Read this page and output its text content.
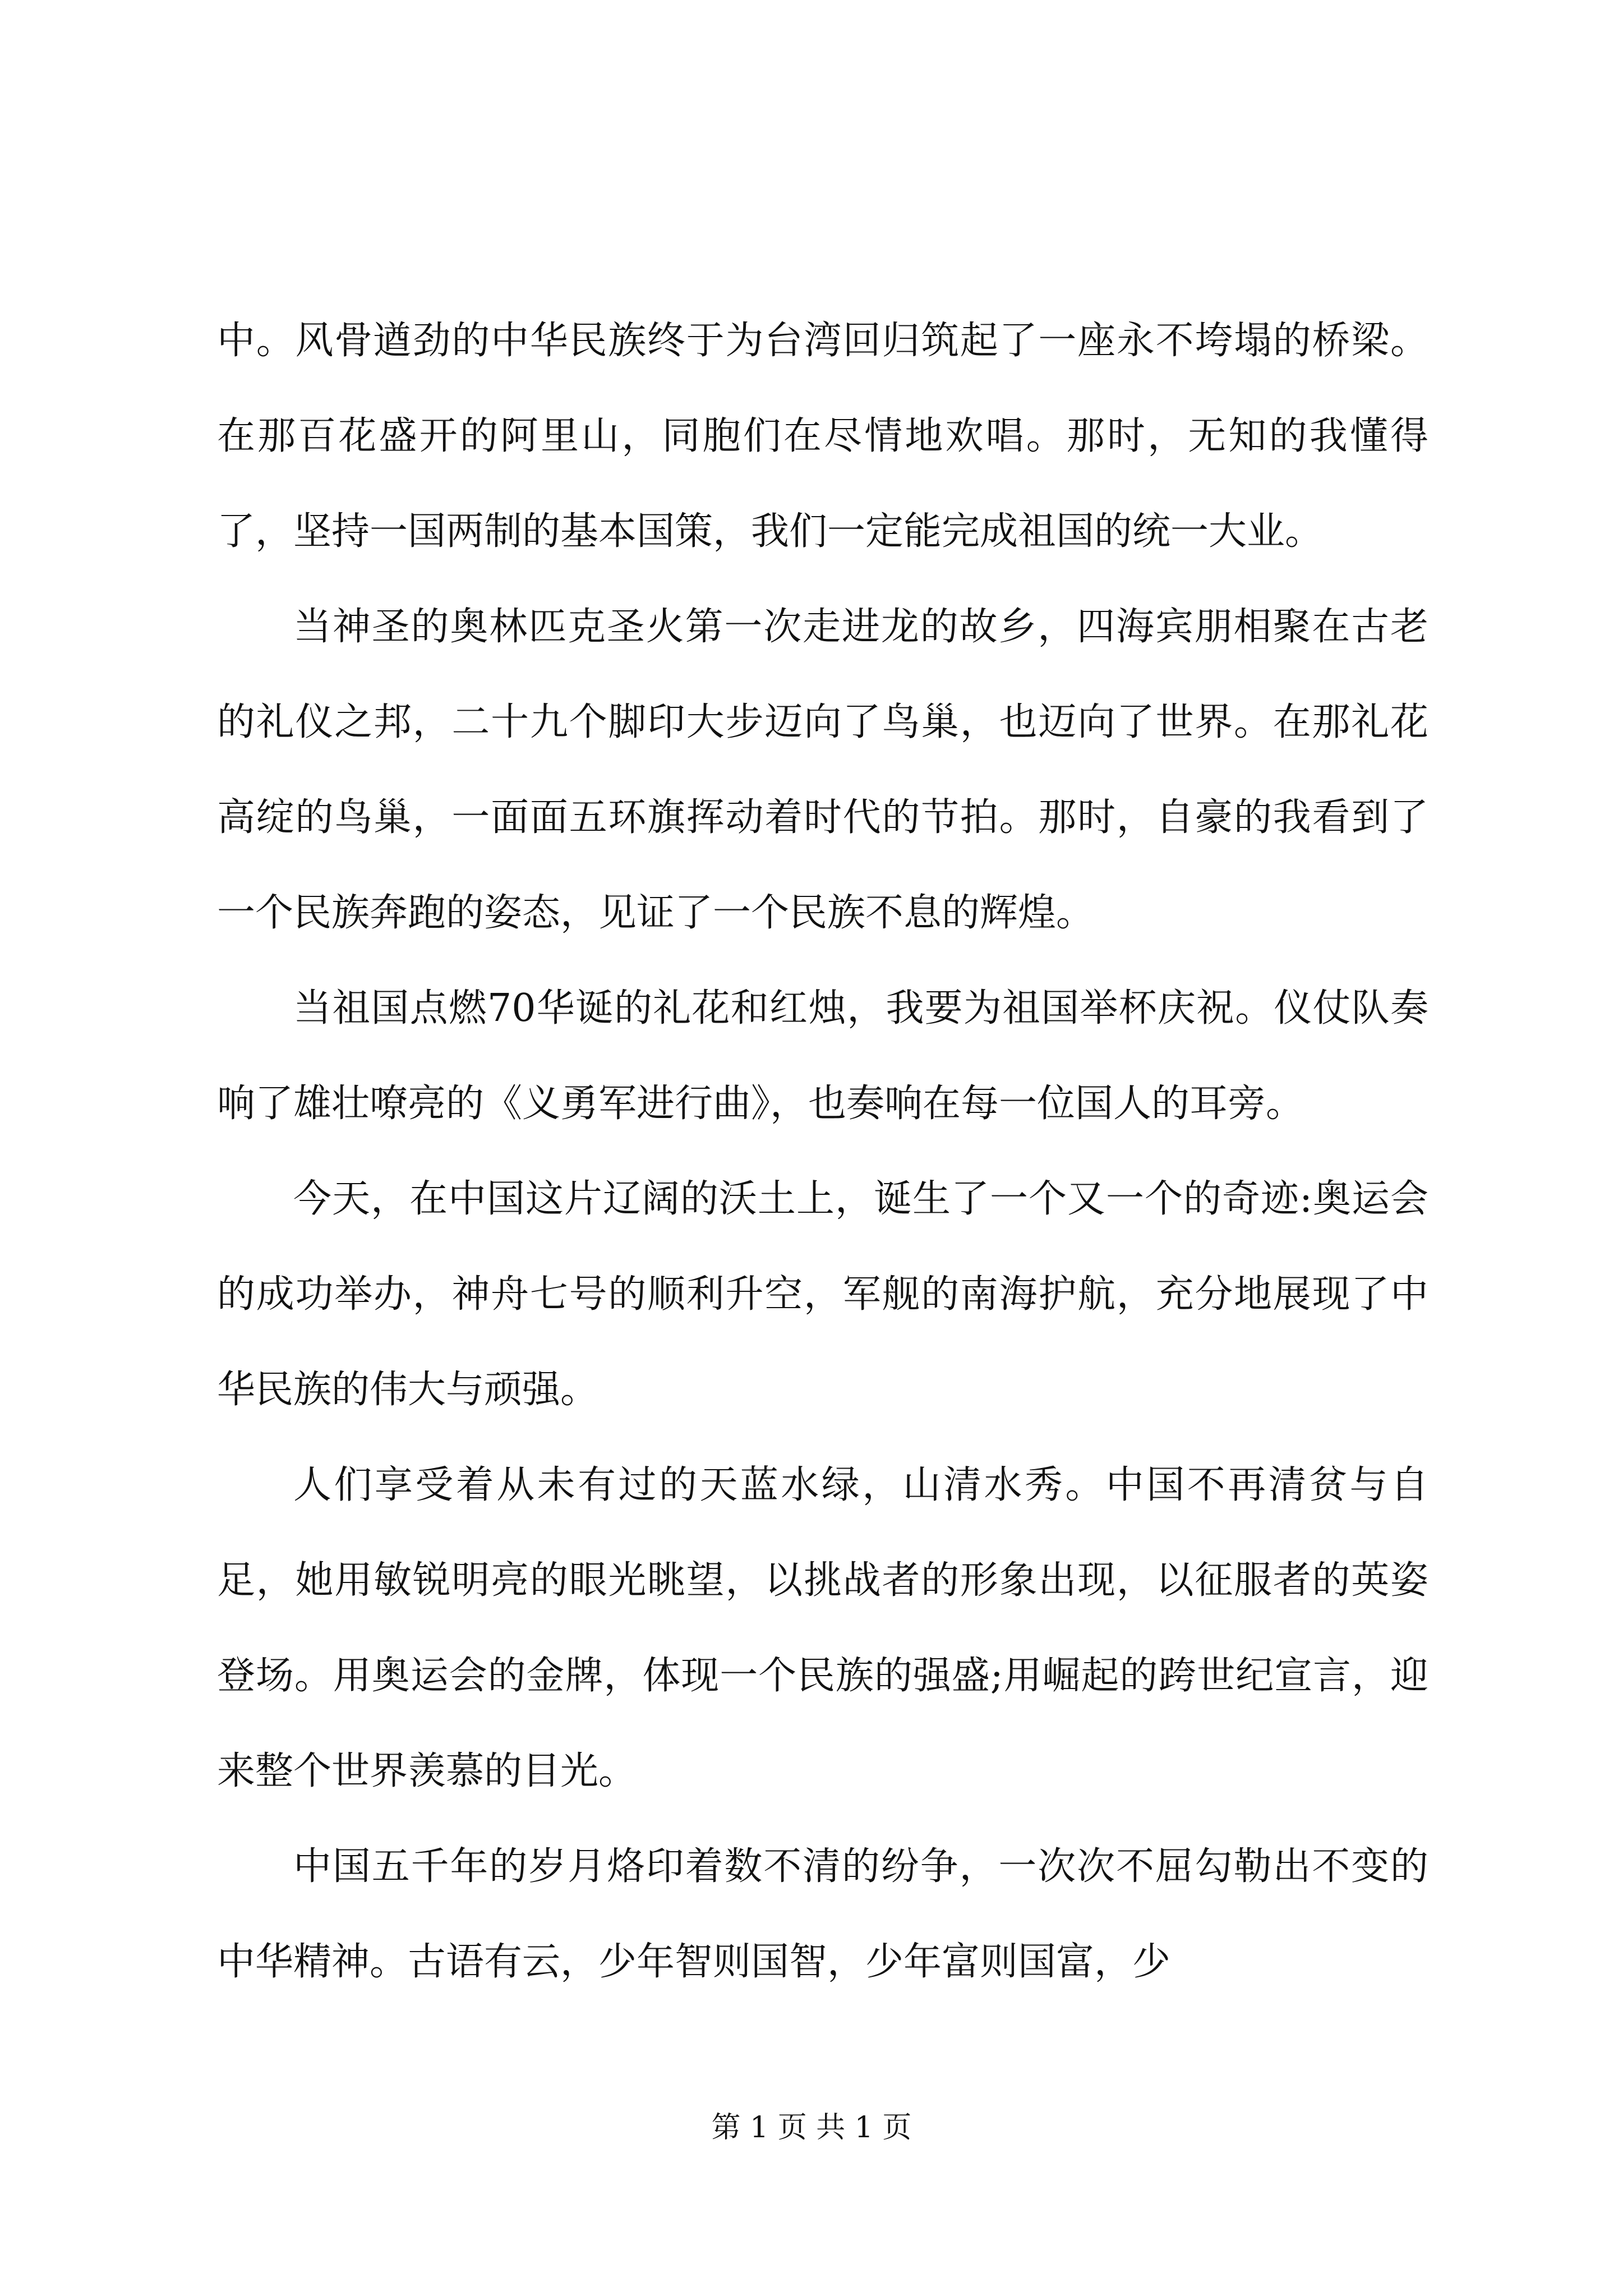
中。风骨遒劲的中华民族终于为台湾回归筑起了一座永不垮塌的桥梁。在那百花盛开的阿里山，同胞们在尽情地欢唱。那时，无知的我懂得了，坚持一国两制的基本国策，我们一定能完成祖国的统一大业。

当神圣的奥林匹克圣火第一次走进龙的故乡，四海宾朋相聚在古老的礼仪之邦，二十九个脚印大步迈向了鸟巢，也迈向了世界。在那礼花高绽的鸟巢，一面面五环旗挥动着时代的节拍。那时，自豪的我看到了一个民族奔跑的姿态，见证了一个民族不息的辉煌。

当祖国点燃70华诞的礼花和红烛，我要为祖国举杯庆祝。仪仗队奏响了雄壮嘹亮的《义勇军进行曲》，也奏响在每一位国人的耳旁。

今天，在中国这片辽阔的沃土上，诞生了一个又一个的奇迹:奥运会的成功举办，神舟七号的顺利升空，军舰的南海护航，充分地展现了中华民族的伟大与顽强。

人们享受着从未有过的天蓝水绿，山清水秀。中国不再清贫与自足，她用敏锐明亮的眼光眺望，以挑战者的形象出现，以征服者的英姿登场。用奥运会的金牌，体现一个民族的强盛;用崛起的跨世纪宣言，迎来整个世界羡慕的目光。

中国五千年的岁月烙印着数不清的纷争，一次次不屈勾勒出不变的中华精神。古语有云，少年智则国智，少年富则国富，少

第 1 页 共 1 页
